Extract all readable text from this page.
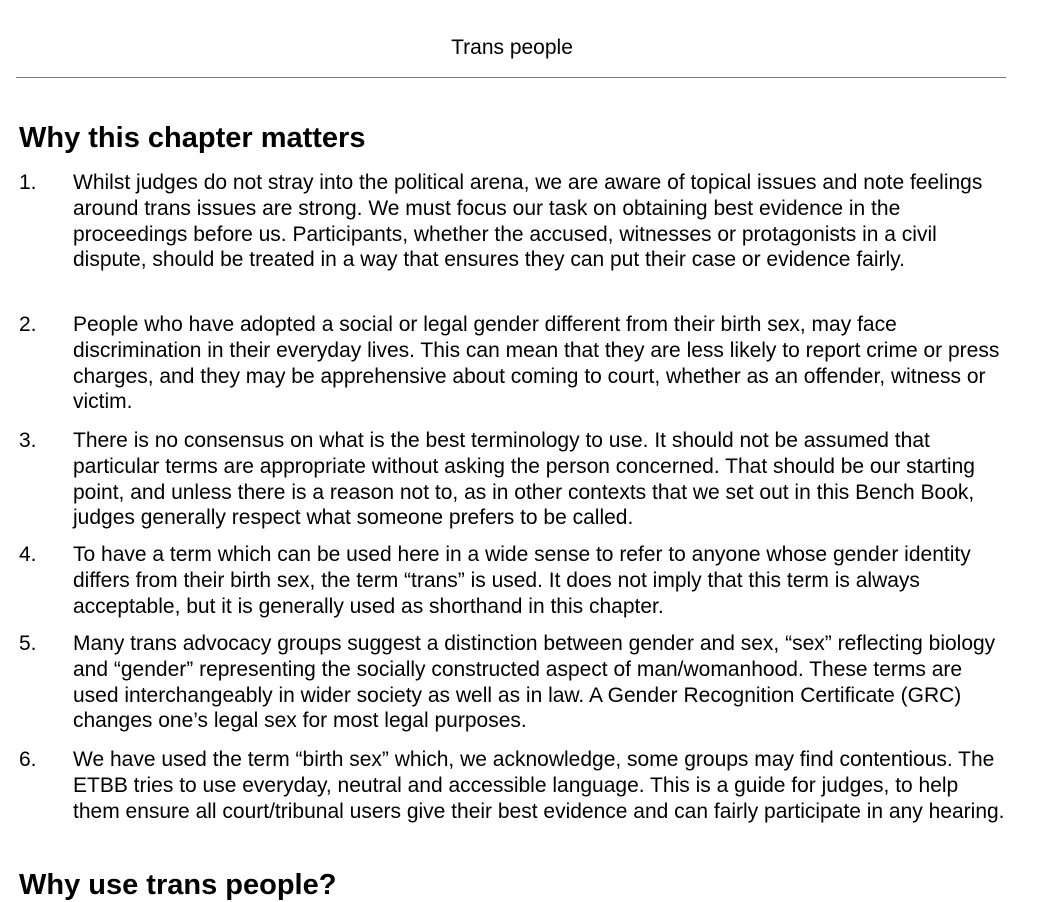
Trans people
Why this chapter matters
1.	Whilst judges do not stray into the political arena, we are aware of topical issues and note feelings around trans issues are strong. We must focus our task on obtaining best evidence in the proceedings before us. Participants, whether the accused, witnesses or protagonists in a civil dispute, should be treated in a way that ensures they can put their case or evidence fairly.
2.	People who have adopted a social or legal gender different from their birth sex, may face discrimination in their everyday lives. This can mean that they are less likely to report crime or press charges, and they may be apprehensive about coming to court, whether as an offender, witness or victim.
3.	There is no consensus on what is the best terminology to use. It should not be assumed that particular terms are appropriate without asking the person concerned. That should be our starting point, and unless there is a reason not to, as in other contexts that we set out in this Bench Book, judges generally respect what someone prefers to be called.
4.	To have a term which can be used here in a wide sense to refer to anyone whose gender identity differs from their birth sex, the term “trans” is used. It does not imply that this term is always acceptable, but it is generally used as shorthand in this chapter.
5.	Many trans advocacy groups suggest a distinction between gender and sex, “sex” reflecting biology and “gender” representing the socially constructed aspect of man/womanhood. These terms are used interchangeably in wider society as well as in law. A Gender Recognition Certificate (GRC) changes one’s legal sex for most legal purposes.
6.	We have used the term “birth sex” which, we acknowledge, some groups may find contentious. The ETBB tries to use everyday, neutral and accessible language. This is a guide for judges, to help them ensure all court/tribunal users give their best evidence and can fairly participate in any hearing.
Why use trans people?
